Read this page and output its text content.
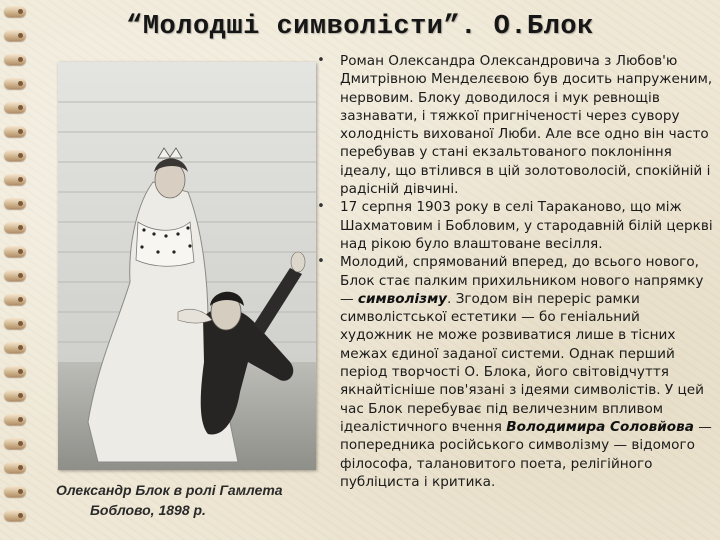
“Молодші символісти”. О.Блок
Олександр Блок в ролі Гамлета
Боблово, 1898 р.
• Роман Олександра Олександровича з Любов'ю Дмитрівною Менделєєвою був досить напруженим, нервовим. Блоку доводилося і мук ревнощів зазнавати, і тяжкої пригніченості через сувору холодність вихованої Люби. Але все одно він часто перебував у стані екзальтованого поклоніння ідеалу, що втілився в цій золотоволосій, спокійній і радісній дівчині.
• 17 серпня 1903 року в селі Тараканово, що між Шахматовим і Бобловим, у стародавній білій церкві над рікою було влаштоване весілля.
• Молодий, спрямований вперед, до всього нового, Блок стає палким прихильником нового напрямку — символізму. Згодом він переріс рамки символістської естетики — бо геніальний художник не може розвиватися лише в тісних межах єдиної заданої системи. Однак перший період творчості О. Блока, його світовідчуття якнайтісніше пов'язані з ідеями символістів. У цей час Блок перебуває під величезним впливом ідеалістичного вчення Володимира Соловйова — попередника російського символізму — відомого філософа, талановитого поета, релігійного публіциста і критика.
